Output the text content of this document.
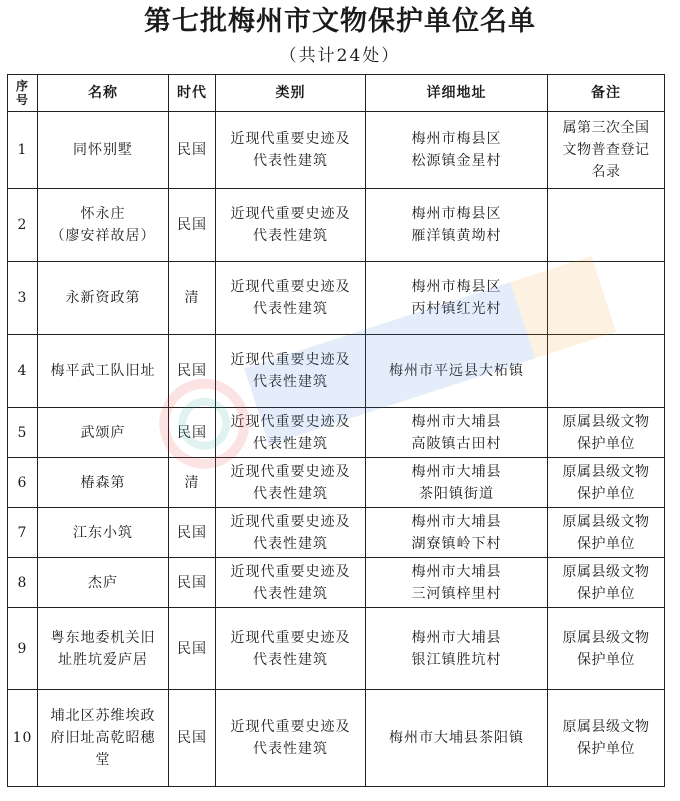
第七批梅州市文物保护单位名单
（共计24处）
序
号	名称	时代	类别	详细地址	备注
1	同怀别墅	民国	近现代重要史迹及
代表性建筑	梅州市梅县区
松源镇金星村	属第三次全国
文物普查登记
名录

2	怀永庄
（廖安祥故居）	民国	近现代重要史迹及
代表性建筑	梅州市梅县区
雁洋镇黄坳村	

3	永新资政第	清	近现代重要史迹及
代表性建筑	梅州市梅县区
丙村镇红光村	

4	梅平武工队旧址	民国	近现代重要史迹及
代表性建筑	梅州市平远县大柘镇	

5	武颂庐	民国	近现代重要史迹及
代表性建筑	梅州市大埔县
高陂镇古田村	原属县级文物
保护单位

6	椿森第	清	近现代重要史迹及
代表性建筑	梅州市大埔县
茶阳镇街道	原属县级文物
保护单位

7	江东小筑	民国	近现代重要史迹及
代表性建筑	梅州市大埔县
湖寮镇岭下村	原属县级文物
保护单位

8	杰庐	民国	近现代重要史迹及
代表性建筑	梅州市大埔县
三河镇梓里村	原属县级文物
保护单位

9	粤东地委机关旧
址胜坑爱庐居	民国	近现代重要史迹及
代表性建筑	梅州市大埔县
银江镇胜坑村	原属县级文物
保护单位

10	埔北区苏维埃政
府旧址高乾昭穗
堂	民国	近现代重要史迹及
代表性建筑	梅州市大埔县茶阳镇	原属县级文物
保护单位
